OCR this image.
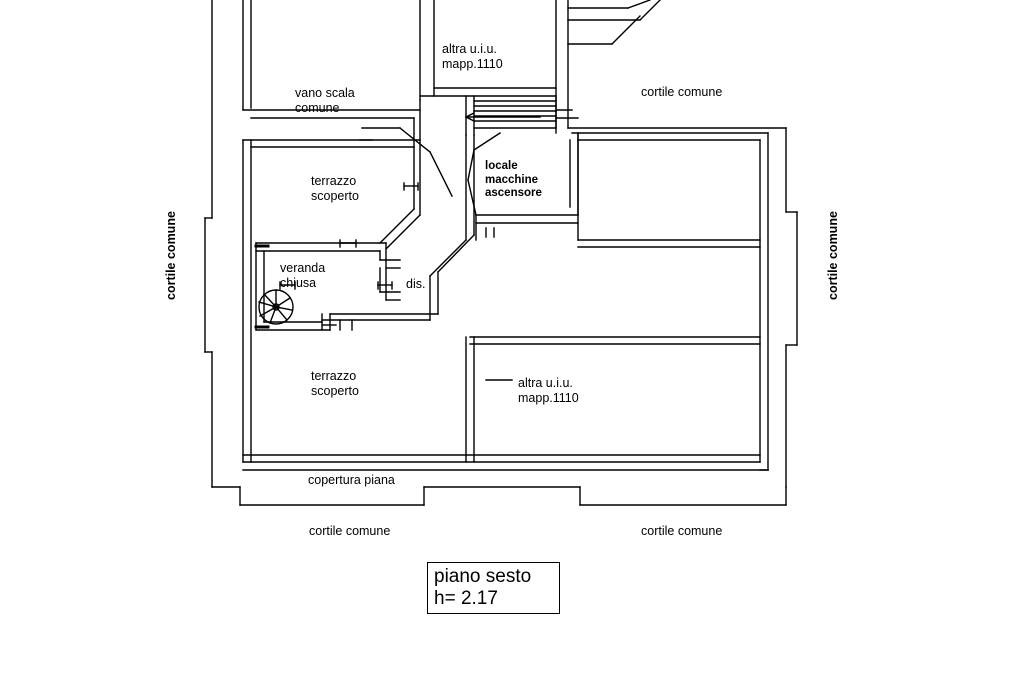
altra u.i.u.
mapp.1110
cortile comune
vano scala
comune
locale
macchine
ascensore
terrazzo
scoperto
cortile comune	cortile comune
veranda
chiusa	dis.
terrazzo
scoperto
altra u.i.u.
mapp.1110
copertura piana
cortile comune	cortile comune
piano sesto
h= 2.17
